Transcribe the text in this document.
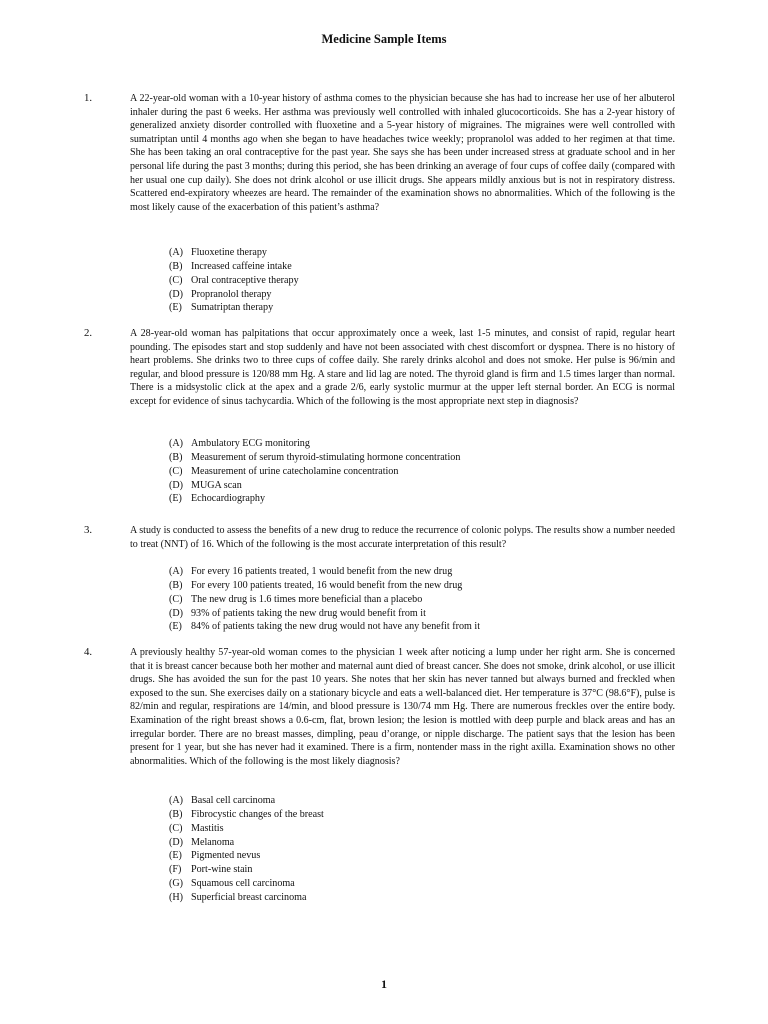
Medicine Sample Items
1.	A 22-year-old woman with a 10-year history of asthma comes to the physician because she has had to increase her use of her albuterol inhaler during the past 6 weeks. Her asthma was previously well controlled with inhaled glucocorticoids. She has a 2-year history of generalized anxiety disorder controlled with fluoxetine and a 5-year history of migraines. The migraines were well controlled with sumatriptan until 4 months ago when she began to have headaches twice weekly; propranolol was added to her regimen at that time. She has been taking an oral contraceptive for the past year. She says she has been under increased stress at graduate school and in her personal life during the past 3 months; during this period, she has been drinking an average of four cups of coffee daily (compared with her usual one cup daily). She does not drink alcohol or use illicit drugs. She appears mildly anxious but is not in respiratory distress. Scattered end-expiratory wheezes are heard. The remainder of the examination shows no abnormalities. Which of the following is the most likely cause of the exacerbation of this patient’s asthma?

(A) Fluoxetine therapy
(B) Increased caffeine intake
(C) Oral contraceptive therapy
(D) Propranolol therapy
(E) Sumatriptan therapy
2.	A 28-year-old woman has palpitations that occur approximately once a week, last 1-5 minutes, and consist of rapid, regular heart pounding. The episodes start and stop suddenly and have not been associated with chest discomfort or dyspnea. There is no history of heart problems. She drinks two to three cups of coffee daily. She rarely drinks alcohol and does not smoke. Her pulse is 96/min and regular, and blood pressure is 120/88 mm Hg. A stare and lid lag are noted. The thyroid gland is firm and 1.5 times larger than normal. There is a midsystolic click at the apex and a grade 2/6, early systolic murmur at the upper left sternal border. An ECG is normal except for evidence of sinus tachycardia. Which of the following is the most appropriate next step in diagnosis?

(A) Ambulatory ECG monitoring
(B) Measurement of serum thyroid-stimulating hormone concentration
(C) Measurement of urine catecholamine concentration
(D) MUGA scan
(E) Echocardiography
3.	A study is conducted to assess the benefits of a new drug to reduce the recurrence of colonic polyps. The results show a number needed to treat (NNT) of 16. Which of the following is the most accurate interpretation of this result?

(A) For every 16 patients treated, 1 would benefit from the new drug
(B) For every 100 patients treated, 16 would benefit from the new drug
(C) The new drug is 1.6 times more beneficial than a placebo
(D) 93% of patients taking the new drug would benefit from it
(E) 84% of patients taking the new drug would not have any benefit from it
4.	A previously healthy 57-year-old woman comes to the physician 1 week after noticing a lump under her right arm. She is concerned that it is breast cancer because both her mother and maternal aunt died of breast cancer. She does not smoke, drink alcohol, or use illicit drugs. She has avoided the sun for the past 10 years. She notes that her skin has never tanned but always burned and freckled when exposed to the sun. She exercises daily on a stationary bicycle and eats a well-balanced diet. Her temperature is 37°C (98.6°F), pulse is 82/min and regular, respirations are 14/min, and blood pressure is 130/74 mm Hg. There are numerous freckles over the entire body. Examination of the right breast shows a 0.6-cm, flat, brown lesion; the lesion is mottled with deep purple and black areas and has an irregular border. There are no breast masses, dimpling, peau d’orange, or nipple discharge. The patient says that the lesion has been present for 1 year, but she has never had it examined. There is a firm, nontender mass in the right axilla. Examination shows no other abnormalities. Which of the following is the most likely diagnosis?

(A) Basal cell carcinoma
(B) Fibrocystic changes of the breast
(C) Mastitis
(D) Melanoma
(E) Pigmented nevus
(F) Port-wine stain
(G) Squamous cell carcinoma
(H) Superficial breast carcinoma
1
